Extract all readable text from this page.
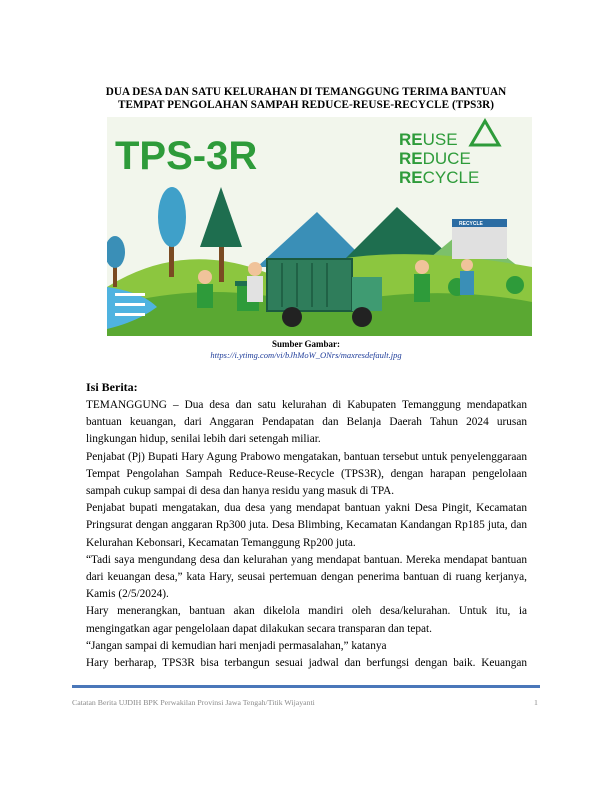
DUA DESA DAN SATU KELURAHAN DI TEMANGGUNG TERIMA BANTUAN
TEMPAT PENGOLAHAN SAMPAH REDUCE-REUSE-RECYCLE (TPS3R)
RECYCLE
TPS-3R	REUSE
REDUCE
RECYCLE
Sumber Gambar:
https://i.ytimg.com/vi/bJhMoW_ONrs/maxresdefault.jpg
Isi Berita:

TEMANGGUNG – Dua desa dan satu kelurahan di Kabupaten Temanggung mendapatkan bantuan keuangan, dari Anggaran Pendapatan dan Belanja Daerah Tahun 2024 urusan lingkungan hidup, senilai lebih dari setengah miliar.

Penjabat (Pj) Bupati Hary Agung Prabowo mengatakan, bantuan tersebut untuk penyelenggaraan Tempat Pengolahan Sampah Reduce-Reuse-Recycle (TPS3R), dengan harapan pengelolaan sampah cukup sampai di desa dan hanya residu yang masuk di TPA.

Penjabat bupati mengatakan, dua desa yang mendapat bantuan yakni Desa Pingit, Kecamatan Pringsurat dengan anggaran Rp300 juta. Desa Blimbing, Kecamatan Kandangan Rp185 juta, dan Kelurahan Kebonsari, Kecamatan Temanggung Rp200 juta.

“Tadi saya mengundang desa dan kelurahan yang mendapat bantuan. Mereka mendapat bantuan dari keuangan desa,” kata Hary, seusai pertemuan dengan penerima bantuan di ruang kerjanya, Kamis (2/5/2024).

Hary menerangkan, bantuan akan dikelola mandiri oleh desa/kelurahan. Untuk itu, ia mengingatkan agar pengelolaan dapat dilakukan secara transparan dan tepat.

“Jangan sampai di kemudian hari menjadi permasalahan,” katanya

Hary berharap, TPS3R bisa terbangun sesuai jadwal dan berfungsi dengan baik. Keuangan

Catatan Berita UJDIH BPK Perwakilan Provinsi Jawa Tengah/Titik Wijayanti	1
